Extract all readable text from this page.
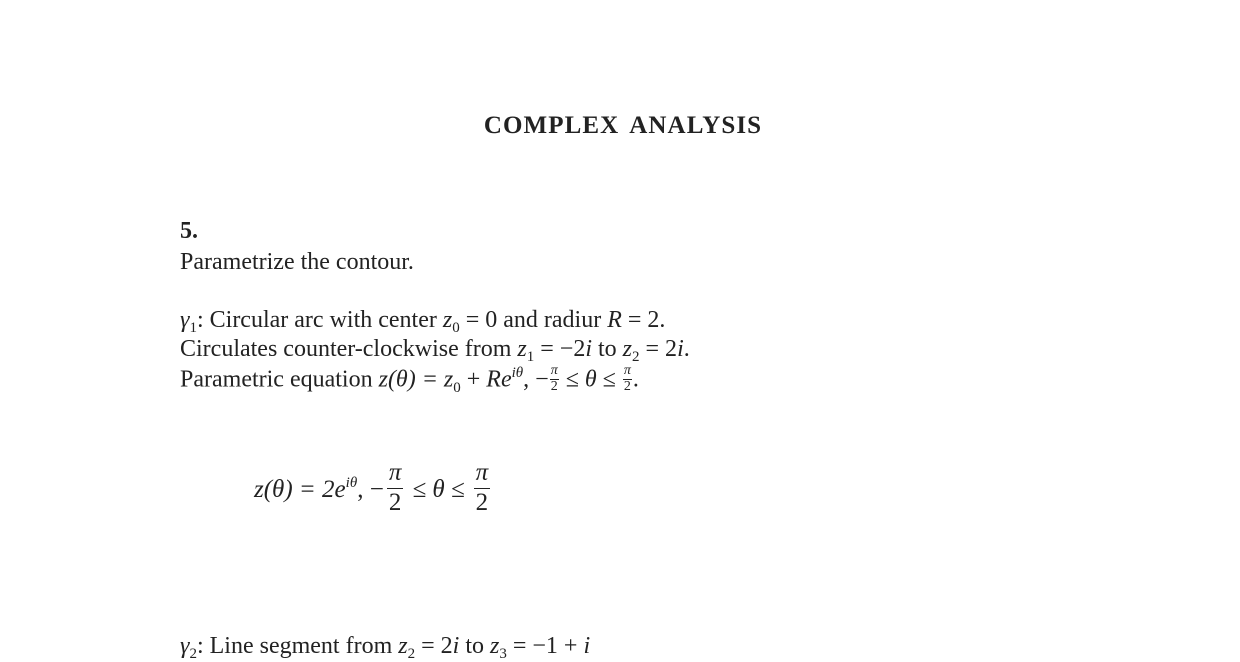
COMPLEX ANALYSIS
5.
Parametrize the contour.
$\gamma_1$: Circular arc with center $z_0 = 0$ and radiur R = 2.
Circulates counter-clockwise from $z_1 = -2i$ to $z_2 = 2i$.
Parametric equation $z(\theta) = z_0 + Re^{i\theta}$, − $\frac{\pi}{2} \le \theta \le \frac{\pi}{2}$ .
$z(\theta) = 2e^{i\theta}$, − $\frac{\pi}{2} \le \theta \le \frac{\pi}{2}$
$\gamma_2$: Line segment from $z_2 = 2i$ to $z_3 = -1 + i$
